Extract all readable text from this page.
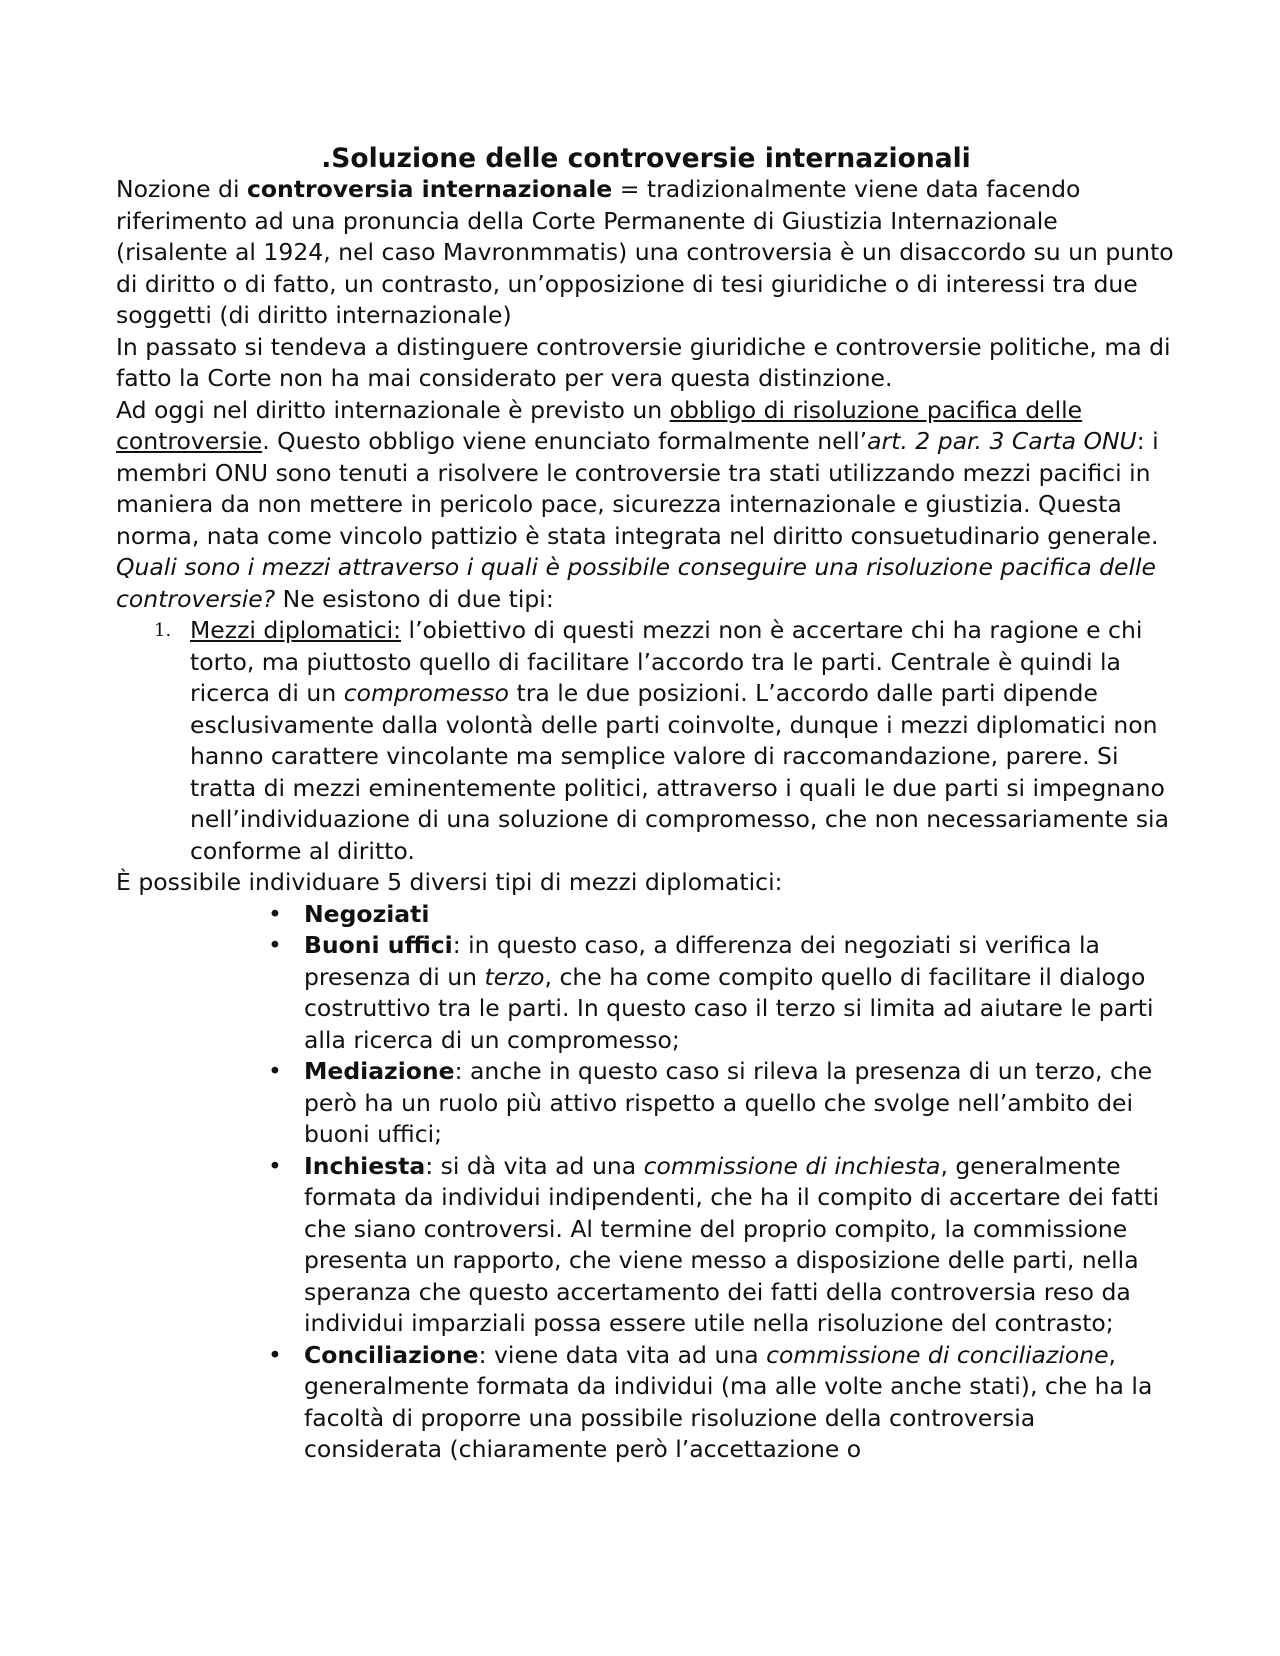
.Soluzione delle controversie internazionali

Nozione di controversia internazionale = tradizionalmente viene data facendo riferimento ad una pronuncia della Corte Permanente di Giustizia Internazionale (risalente al 1924, nel caso Mavronmmatis) una controversia è un disaccordo su un punto di diritto o di fatto, un contrasto, un’opposizione di tesi giuridiche o di interessi tra due soggetti (di diritto internazionale)

In passato si tendeva a distinguere controversie giuridiche e controversie politiche, ma di fatto la Corte non ha mai considerato per vera questa distinzione.

Ad oggi nel diritto internazionale è previsto un obbligo di risoluzione pacifica delle controversie. Questo obbligo viene enunciato formalmente nell’art. 2 par. 3 Carta ONU: i membri ONU sono tenuti a risolvere le controversie tra stati utilizzando mezzi pacifici in maniera da non mettere in pericolo pace, sicurezza internazionale e giustizia. Questa norma, nata come vincolo pattizio è stata integrata nel diritto consuetudinario generale. Quali sono i mezzi attraverso i quali è possibile conseguire una risoluzione pacifica delle controversie? Ne esistono di due tipi:

1. Mezzi diplomatici: l’obiettivo di questi mezzi non è accertare chi ha ragione e chi torto, ma piuttosto quello di facilitare l’accordo tra le parti. Centrale è quindi la ricerca di un compromesso tra le due posizioni. L’accordo dalle parti dipende esclusivamente dalla volontà delle parti coinvolte, dunque i mezzi diplomatici non hanno carattere vincolante ma semplice valore di raccomandazione, parere. Si tratta di mezzi eminentemente politici, attraverso i quali le due parti si impegnano nell’individuazione di una soluzione di compromesso, che non necessariamente sia conforme al diritto.

È possibile individuare 5 diversi tipi di mezzi diplomatici:

• Negoziati
• Buoni uffici: in questo caso, a differenza dei negoziati si verifica la presenza di un terzo, che ha come compito quello di facilitare il dialogo costruttivo tra le parti. In questo caso il terzo si limita ad aiutare le parti alla ricerca di un compromesso;
• Mediazione: anche in questo caso si rileva la presenza di un terzo, che però ha un ruolo più attivo rispetto a quello che svolge nell’ambito dei buoni uffici;
• Inchiesta: si dà vita ad una commissione di inchiesta, generalmente formata da individui indipendenti, che ha il compito di accertare dei fatti che siano controversi. Al termine del proprio compito, la commissione presenta un rapporto, che viene messo a disposizione delle parti, nella speranza che questo accertamento dei fatti della controversia reso da individui imparziali possa essere utile nella risoluzione del contrasto;
• Conciliazione: viene data vita ad una commissione di conciliazione, generalmente formata da individui (ma alle volte anche stati), che ha la facoltà di proporre una possibile risoluzione della controversia considerata (chiaramente però l’accettazione o
